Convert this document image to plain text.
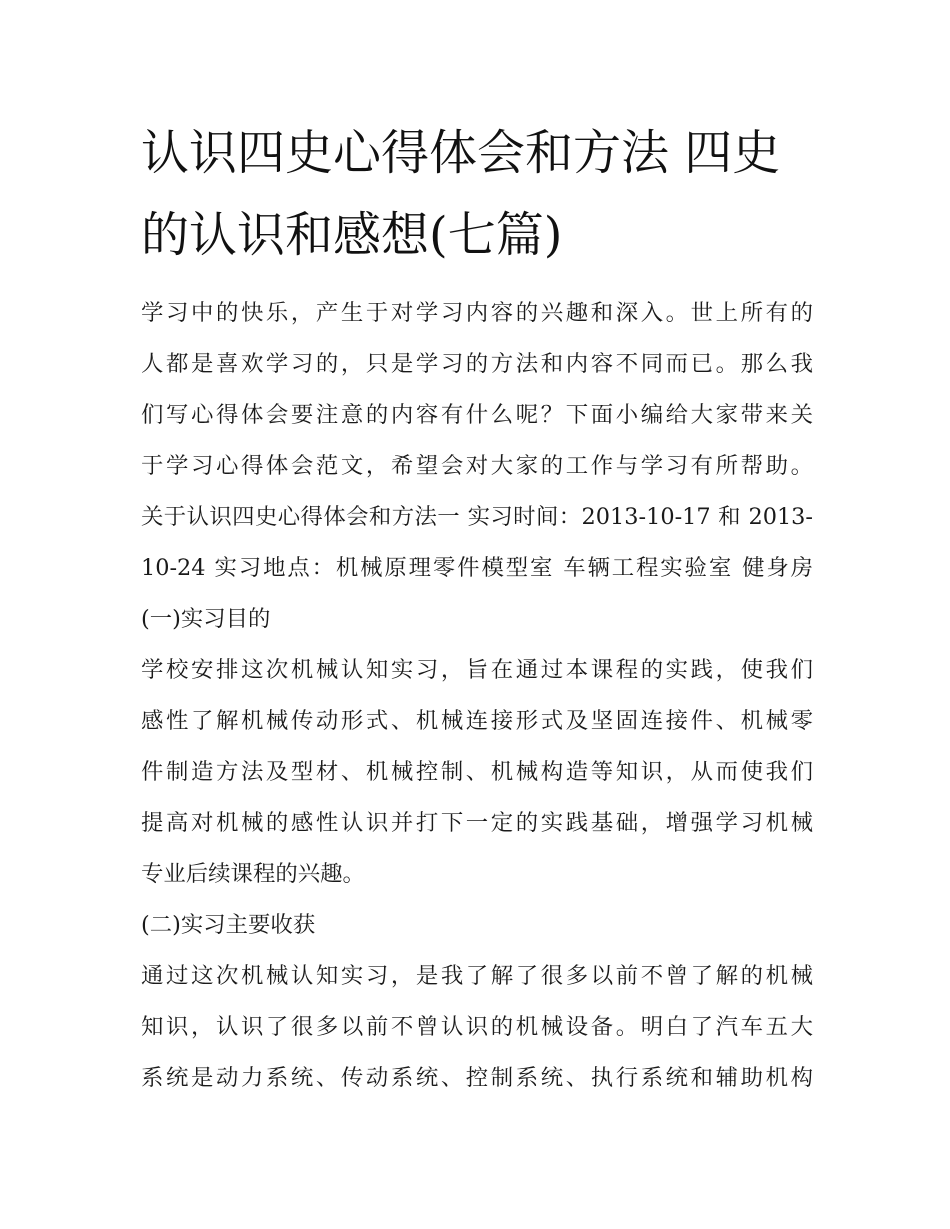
认识四史心得体会和方法 四史
的认识和感想(七篇)
学习中的快乐，产生于对学习内容的兴趣和深入。世上所有的
人都是喜欢学习的，只是学习的方法和内容不同而已。那么我
们写心得体会要注意的内容有什么呢？下面小编给大家带来关
于学习心得体会范文，希望会对大家的工作与学习有所帮助。
关于认识四史心得体会和方法一 实习时间：2013-10-17 和 2013-
10-24 实习地点：机械原理零件模型室 车辆工程实验室 健身房
(一)实习目的
学校安排这次机械认知实习，旨在通过本课程的实践，使我们
感性了解机械传动形式、机械连接形式及坚固连接件、机械零
件制造方法及型材、机械控制、机械构造等知识，从而使我们
提高对机械的感性认识并打下一定的实践基础，增强学习机械
专业后续课程的兴趣。
(二)实习主要收获
通过这次机械认知实习，是我了解了很多以前不曾了解的机械
知识，认识了很多以前不曾认识的机械设备。明白了汽车五大
系统是动力系统、传动系统、控制系统、执行系统和辅助机构
